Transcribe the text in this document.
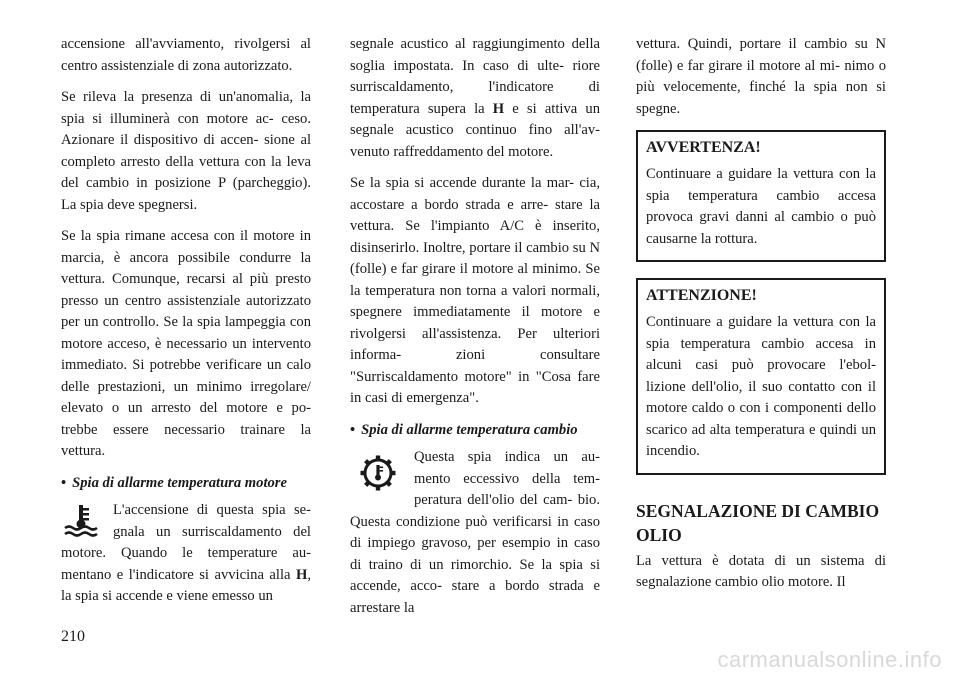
accensione all'avviamento, rivolgersi al centro assistenziale di zona autorizzato.

Se rileva la presenza di un'anomalia, la spia si illuminerà con motore ac- ceso. Azionare il dispositivo di accen- sione al completo arresto della vettura con la leva del cambio in posizione P (parcheggio). La spia deve spegnersi.

Se la spia rimane accesa con il motore in marcia, è ancora possibile condurre la vettura. Comunque, recarsi al più presto presso un centro assistenziale autorizzato per un controllo. Se la spia lampeggia con motore acceso, è necessario un intervento immediato. Si potrebbe verificare un calo delle prestazioni, un minimo irregolare/ elevato o un arresto del motore e po- trebbe essere necessario trainare la vettura.

• Spia di allarme temperatura motore

L'accensione di questa spia se- gnala un surriscaldamento del motore. Quando le temperature au- mentano e l'indicatore si avvicina alla H, la spia si accende e viene emesso un

segnale acustico al raggiungimento della soglia impostata. In caso di ulte- riore surriscaldamento, l'indicatore di temperatura supera la H e si attiva un segnale acustico continuo fino all'av- venuto raffreddamento del motore.

Se la spia si accende durante la mar- cia, accostare a bordo strada e arre- stare la vettura. Se l'impianto A/C è inserito, disinserirlo. Inoltre, portare il cambio su N (folle) e far girare il motore al minimo. Se la temperatura non torna a valori normali, spegnere immediatamente il motore e rivolgersi all'assistenza. Per ulteriori informa- zioni consultare "Surriscaldamento motore" in "Cosa fare in casi di emergenza".

• Spia di allarme temperatura cambio

Questa spia indica un au- mento eccessivo della tem- peratura dell'olio del cam- bio. Questa condizione può verificarsi in caso di impiego gravoso, per esempio in caso di traino di un rimorchio. Se la spia si accende, acco- stare a bordo strada e arrestare la

vettura. Quindi, portare il cambio su N (folle) e far girare il motore al mi- nimo o più velocemente, finché la spia non si spegne.

AVVERTENZA!

Continuare a guidare la vettura con la spia temperatura cambio accesa provoca gravi danni al cambio o può causarne la rottura.

ATTENZIONE!

Continuare a guidare la vettura con la spia temperatura cambio accesa in alcuni casi può provocare l'ebol- lizione dell'olio, il suo contatto con il motore caldo o con i componenti dello scarico ad alta temperatura e quindi un incendio.

SEGNALAZIONE DI CAMBIO OLIO

La vettura è dotata di un sistema di segnalazione cambio olio motore. Il

210
carmanualsonline.info
